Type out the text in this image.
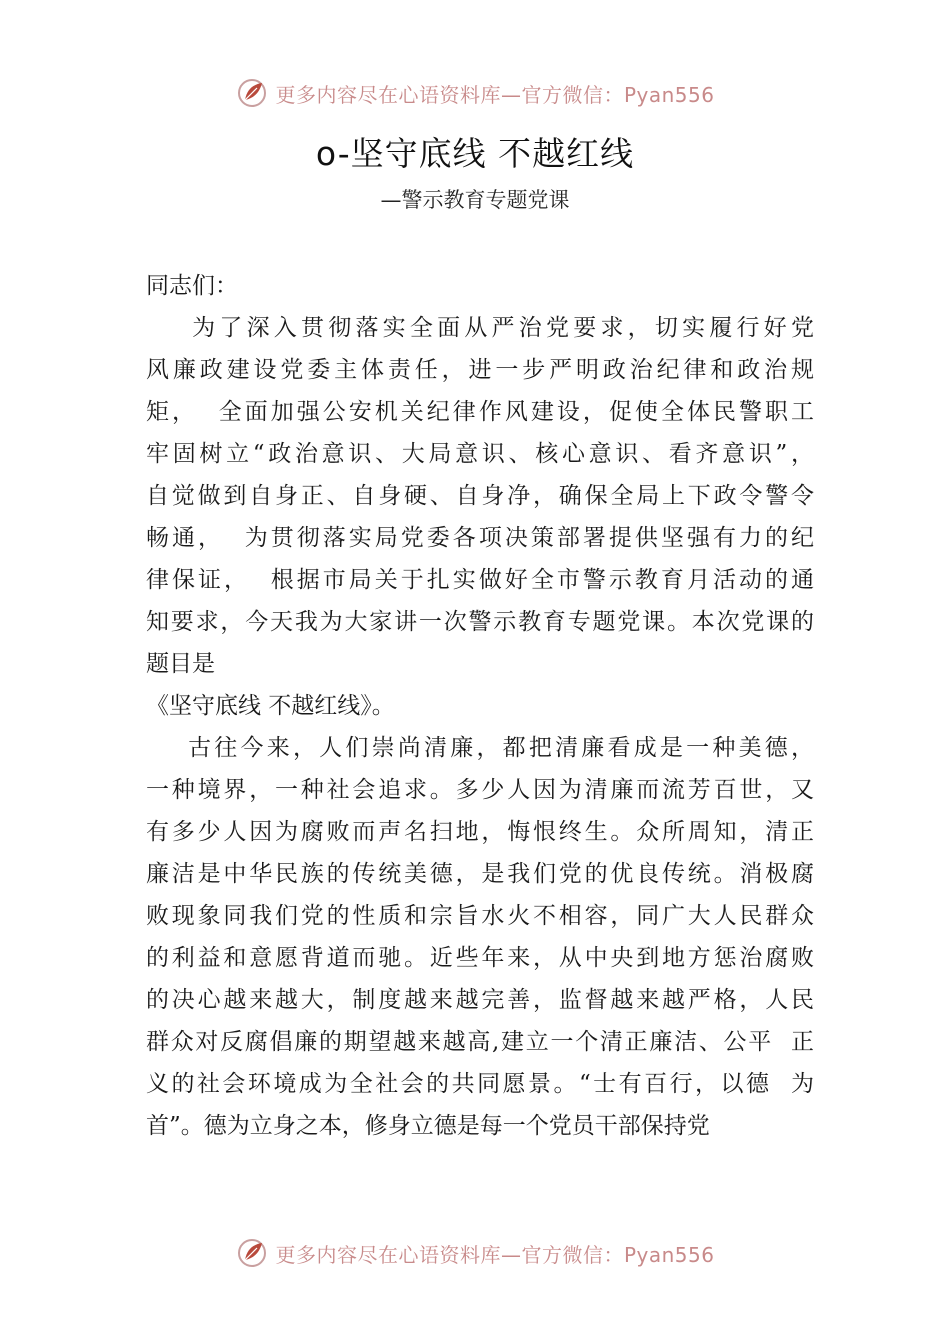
更多内容尽在心语资料库—官方微信：Pyan556
o-坚守底线 不越红线
—警示教育专题党课
同志们：
为了深入贯彻落实全面从严治党要求，切实履行好党
风廉政建设党委主体责任，进一步严明政治纪律和政治规
矩，  全面加强公安机关纪律作风建设，促使全体民警职工
牢固树立“政治意识、大局意识、核心意识、看齐意识”，
自觉做到自身正、自身硬、自身净，确保全局上下政令警令
畅通，  为贯彻落实局党委各项决策部署提供坚强有力的纪
律保证，  根据市局关于扎实做好全市警示教育月活动的通
知要求，今天我为大家讲一次警示教育专题党课。本次党课的
题目是
《坚守底线 不越红线》。
古往今来，人们崇尚清廉，都把清廉看成是一种美德，
一种境界，一种社会追求。多少人因为清廉而流芳百世，又
有多少人因为腐败而声名扫地，悔恨终生。众所周知，清正
廉洁是中华民族的传统美德，是我们党的优良传统。消极腐
败现象同我们党的性质和宗旨水火不相容，同广大人民群众
的利益和意愿背道而驰。近些年来，从中央到地方惩治腐败
的决心越来越大，制度越来越完善，监督越来越严格，人民
群众对反腐倡廉的期望越来越高,建立一个清正廉洁、公平  正
义的社会环境成为全社会的共同愿景。“士有百行，以德  为
首”。德为立身之本，修身立德是每一个党员干部保持党
更多内容尽在心语资料库—官方微信：Pyan556
